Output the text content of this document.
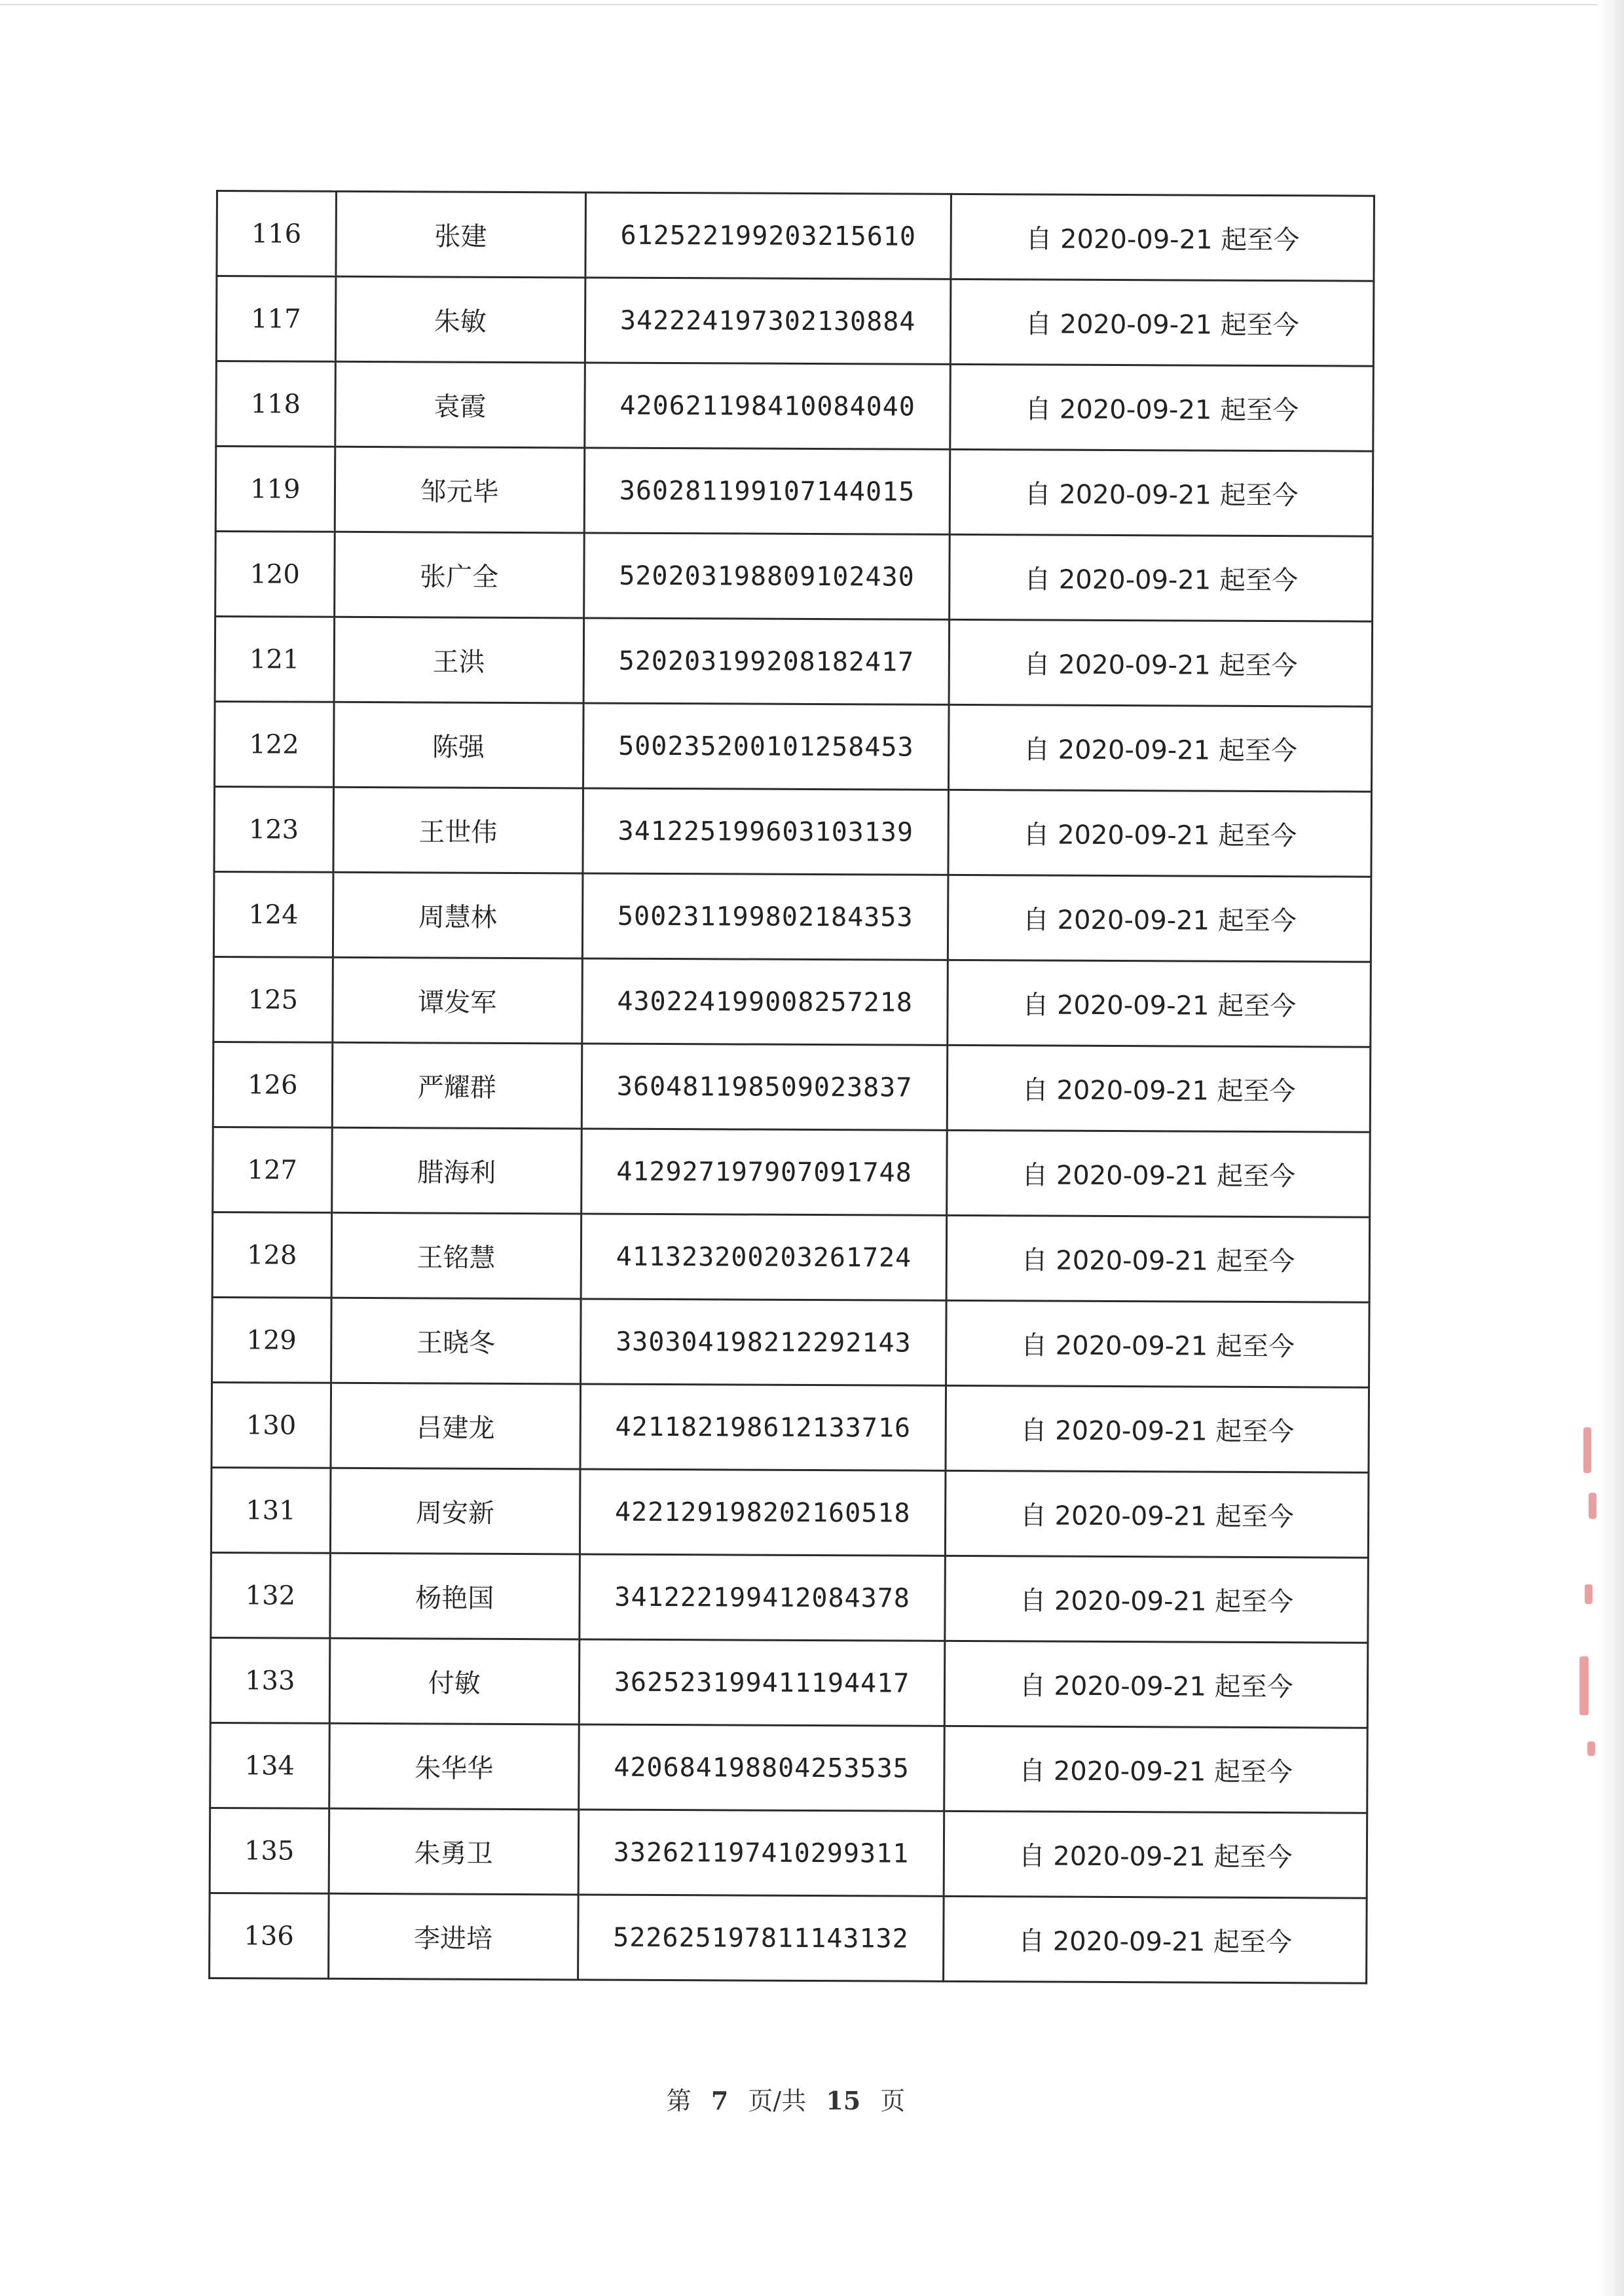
116	张建	612522199203215610	自 2020-09-21 起至今
117	朱敏	342224197302130884	自 2020-09-21 起至今
118	袁霞	420621198410084040	自 2020-09-21 起至今
119	邹元毕	360281199107144015	自 2020-09-21 起至今
120	张广全	520203198809102430	自 2020-09-21 起至今
121	王洪	520203199208182417	自 2020-09-21 起至今
122	陈强	500235200101258453	自 2020-09-21 起至今
123	王世伟	341225199603103139	自 2020-09-21 起至今
124	周慧林	500231199802184353	自 2020-09-21 起至今
125	谭发军	430224199008257218	自 2020-09-21 起至今
126	严耀群	360481198509023837	自 2020-09-21 起至今
127	腊海利	412927197907091748	自 2020-09-21 起至今
128	王铭慧	411323200203261724	自 2020-09-21 起至今
129	王晓冬	330304198212292143	自 2020-09-21 起至今
130	吕建龙	421182198612133716	自 2020-09-21 起至今
131	周安新	422129198202160518	自 2020-09-21 起至今
132	杨艳国	341222199412084378	自 2020-09-21 起至今
133	付敏	362523199411194417	自 2020-09-21 起至今
134	朱华华	420684198804253535	自 2020-09-21 起至今
135	朱勇卫	332621197410299311	自 2020-09-21 起至今
136	李进培	522625197811143132	自 2020-09-21 起至今
第 7 页/共 15 页
